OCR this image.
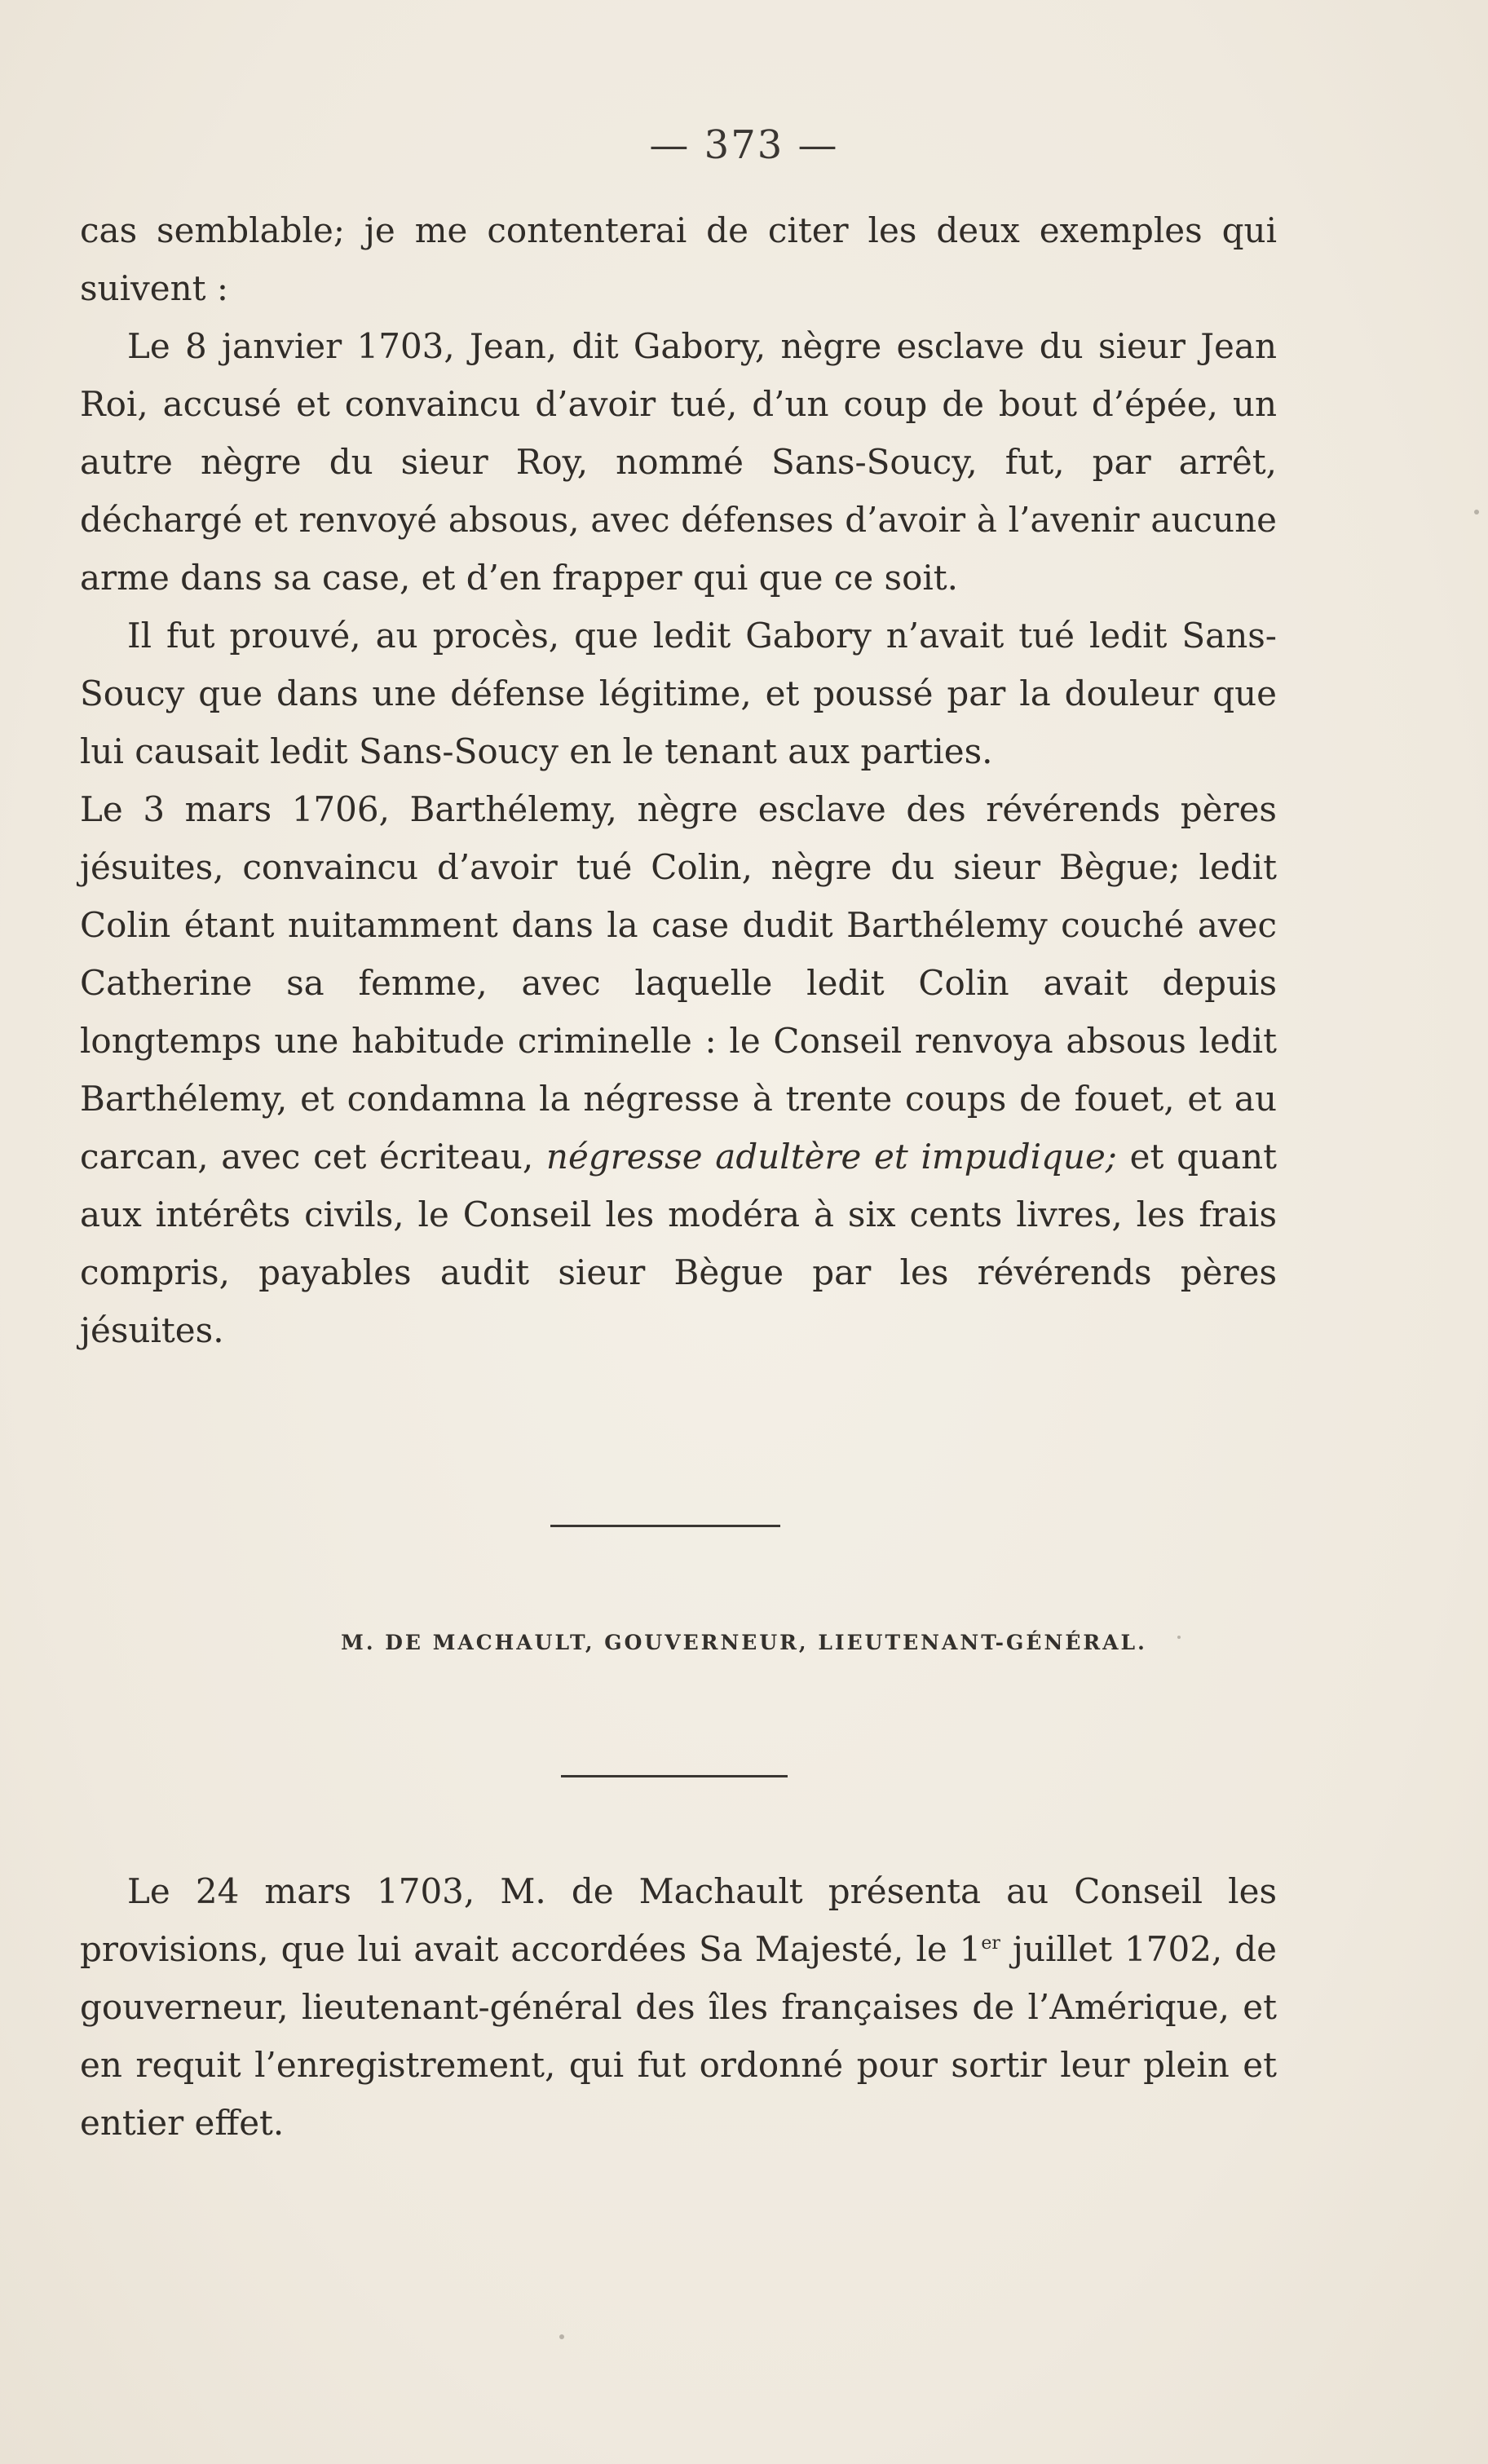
— 373 —

cas semblable; je me contenterai de citer les deux exemples qui suivent :

Le 8 janvier 1703, Jean, dit Gabory, nègre esclave du sieur Jean Roi, accusé et convaincu d’avoir tué, d’un coup de bout d’épée, un autre nègre du sieur Roy, nommé Sans-Soucy, fut, par arrêt, déchargé et renvoyé absous, avec défenses d’avoir à l’avenir aucune arme dans sa case, et d’en frapper qui que ce soit.

Il fut prouvé, au procès, que ledit Gabory n’avait tué ledit Sans-Soucy que dans une défense légitime, et poussé par la douleur que lui causait ledit Sans-Soucy en le tenant aux parties.

Le 3 mars 1706, Barthélemy, nègre esclave des révérends pères jésuites, convaincu d’avoir tué Colin, nègre du sieur Bègue; ledit Colin étant nuitamment dans la case dudit Barthélemy couché avec Catherine sa femme, avec laquelle ledit Colin avait depuis longtemps une habitude criminelle : le Conseil renvoya absous ledit Barthélemy, et condamna la négresse à trente coups de fouet, et au carcan, avec cet écriteau, négresse adultère et impudique; et quant aux intérêts civils, le Conseil les modéra à six cents livres, les frais compris, payables audit sieur Bègue par les révérends pères jésuites.

M. DE MACHAULT, GOUVERNEUR, LIEUTENANT-GÉNÉRAL.

Le 24 mars 1703, M. de Machault présenta au Conseil les provisions, que lui avait accordées Sa Majesté, le 1er juillet 1702, de gouverneur, lieutenant-général des îles françaises de l’Amérique, et en requit l’enregistrement, qui fut ordonné pour sortir leur plein et entier effet.
